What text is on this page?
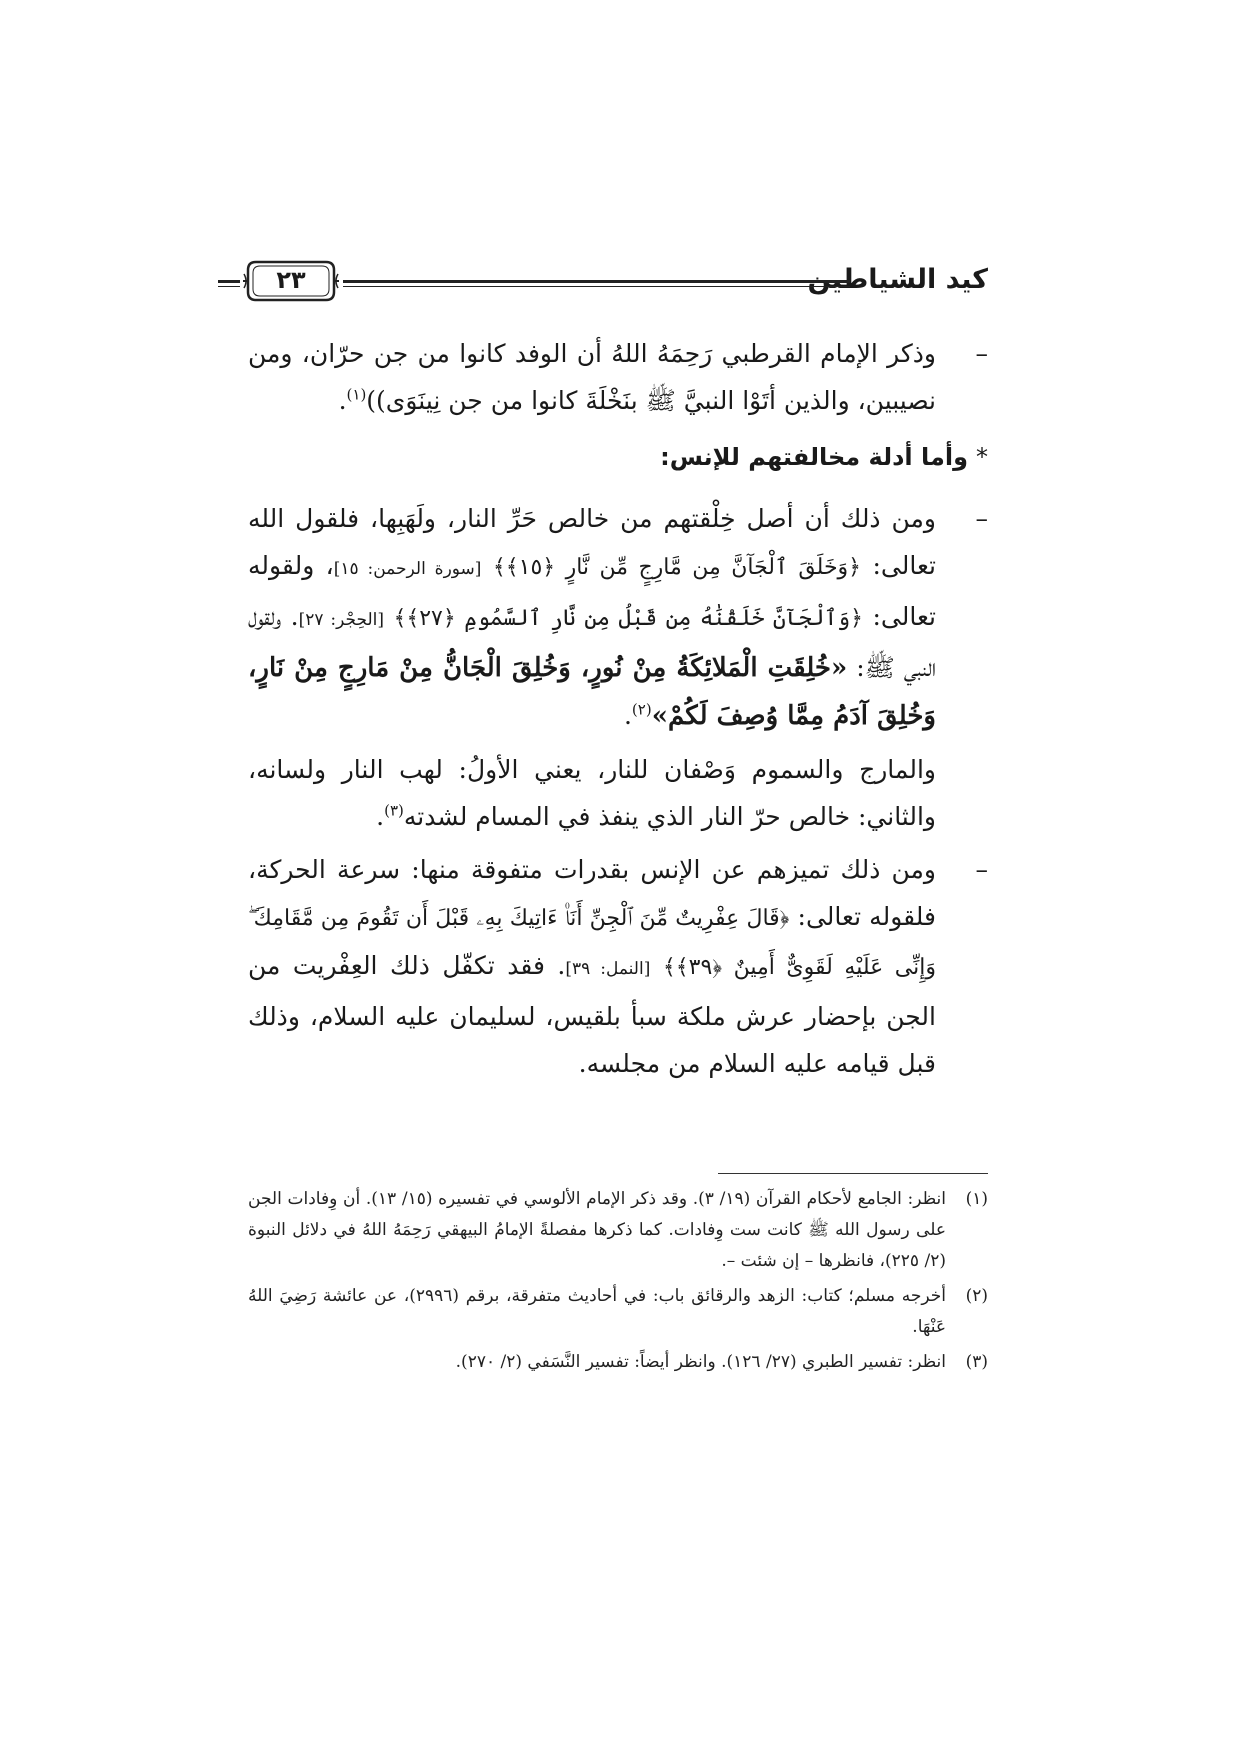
كيد الشياطين
٢٣

–
وذكر الإمام القرطبي رَحِمَهُ اللهُ أن الوفد كانوا من جن حرّان، ومن نصيبين، والذين أتَوْا النبيَّ ﷺ بنَخْلَةَ كانوا من جن نِينَوَى))$^{(١)}$.

*وأما أدلة مخالفتهم للإنس:

–
ومن ذلك أن أصل خِلْقتهم من خالص حَرِّ النار، ولَهَبِها، فلقول الله تعالى: ﴿وَخَلَقَ ٱلْجَآنَّ مِن مَّارِجٍ مِّن نَّارٍ ﴿١٥﴾﴾ [سورة الرحمن: ١٥]، ولقوله تعالى: ﴿وَٱلْجَآنَّ خَلَقْنَٰهُ مِن قَبْلُ مِن نَّارِ ٱلسَّمُومِ ﴿٢٧﴾﴾ [الحِجْر: ٢٧]. ولقول النبي ﷺ: «خُلِقَتِ الْمَلائِكَةُ مِنْ نُورٍ، وَخُلِقَ الْجَانُّ مِنْ مَارِجٍ مِنْ نَارٍ، وَخُلِقَ آدَمُ مِمَّا وُصِفَ لَكُمْ»$^{(٢)}$.

والمارج والسموم وَصْفان للنار، يعني الأولُ: لهب النار ولسانه، والثاني: خالص حرّ النار الذي ينفذ في المسام لشدته$^{(٣)}$.

–
ومن ذلك تميزهم عن الإنس بقدرات متفوقة منها: سرعة الحركة، فلقوله تعالى: ﴿قَالَ عِفْرِيتٌ مِّنَ ٱلْجِنِّ أَنَا۠ ءَاتِيكَ بِهِۦ قَبْلَ أَن تَقُومَ مِن مَّقَامِكَ ۖ وَإِنِّى عَلَيْهِ لَقَوِىٌّ أَمِينٌ ﴿٣٩﴾﴾ [النمل: ٣٩]. فقد تكفّل ذلك العِفْريت من الجن بإحضار عرش ملكة سبأ بلقيس، لسليمان عليه السلام، وذلك قبل قيامه عليه السلام من مجلسه.

(١)
انظر: الجامع لأحكام القرآن (١٩/ ٣). وقد ذكر الإمام الألوسي في تفسيره (١٥/ ١٣). أن وِفادات الجن على رسول الله ﷺ كانت ست وِفادات. كما ذكرها مفصلةً الإمامُ البيهقي رَحِمَهُ اللهُ في دلائل النبوة (٢/ ٢٢٥)، فانظرها – إن شئت –.

(٢)
أخرجه مسلم؛ كتاب: الزهد والرقائق باب: في أحاديث متفرقة، برقم (٢٩٩٦)، عن عائشة رَضِيَ اللهُ عَنْهَا.

(٣)
انظر: تفسير الطبري (٢٧/ ١٢٦). وانظر أيضاً: تفسير النَّسَفي (٢/ ٢٧٠).
